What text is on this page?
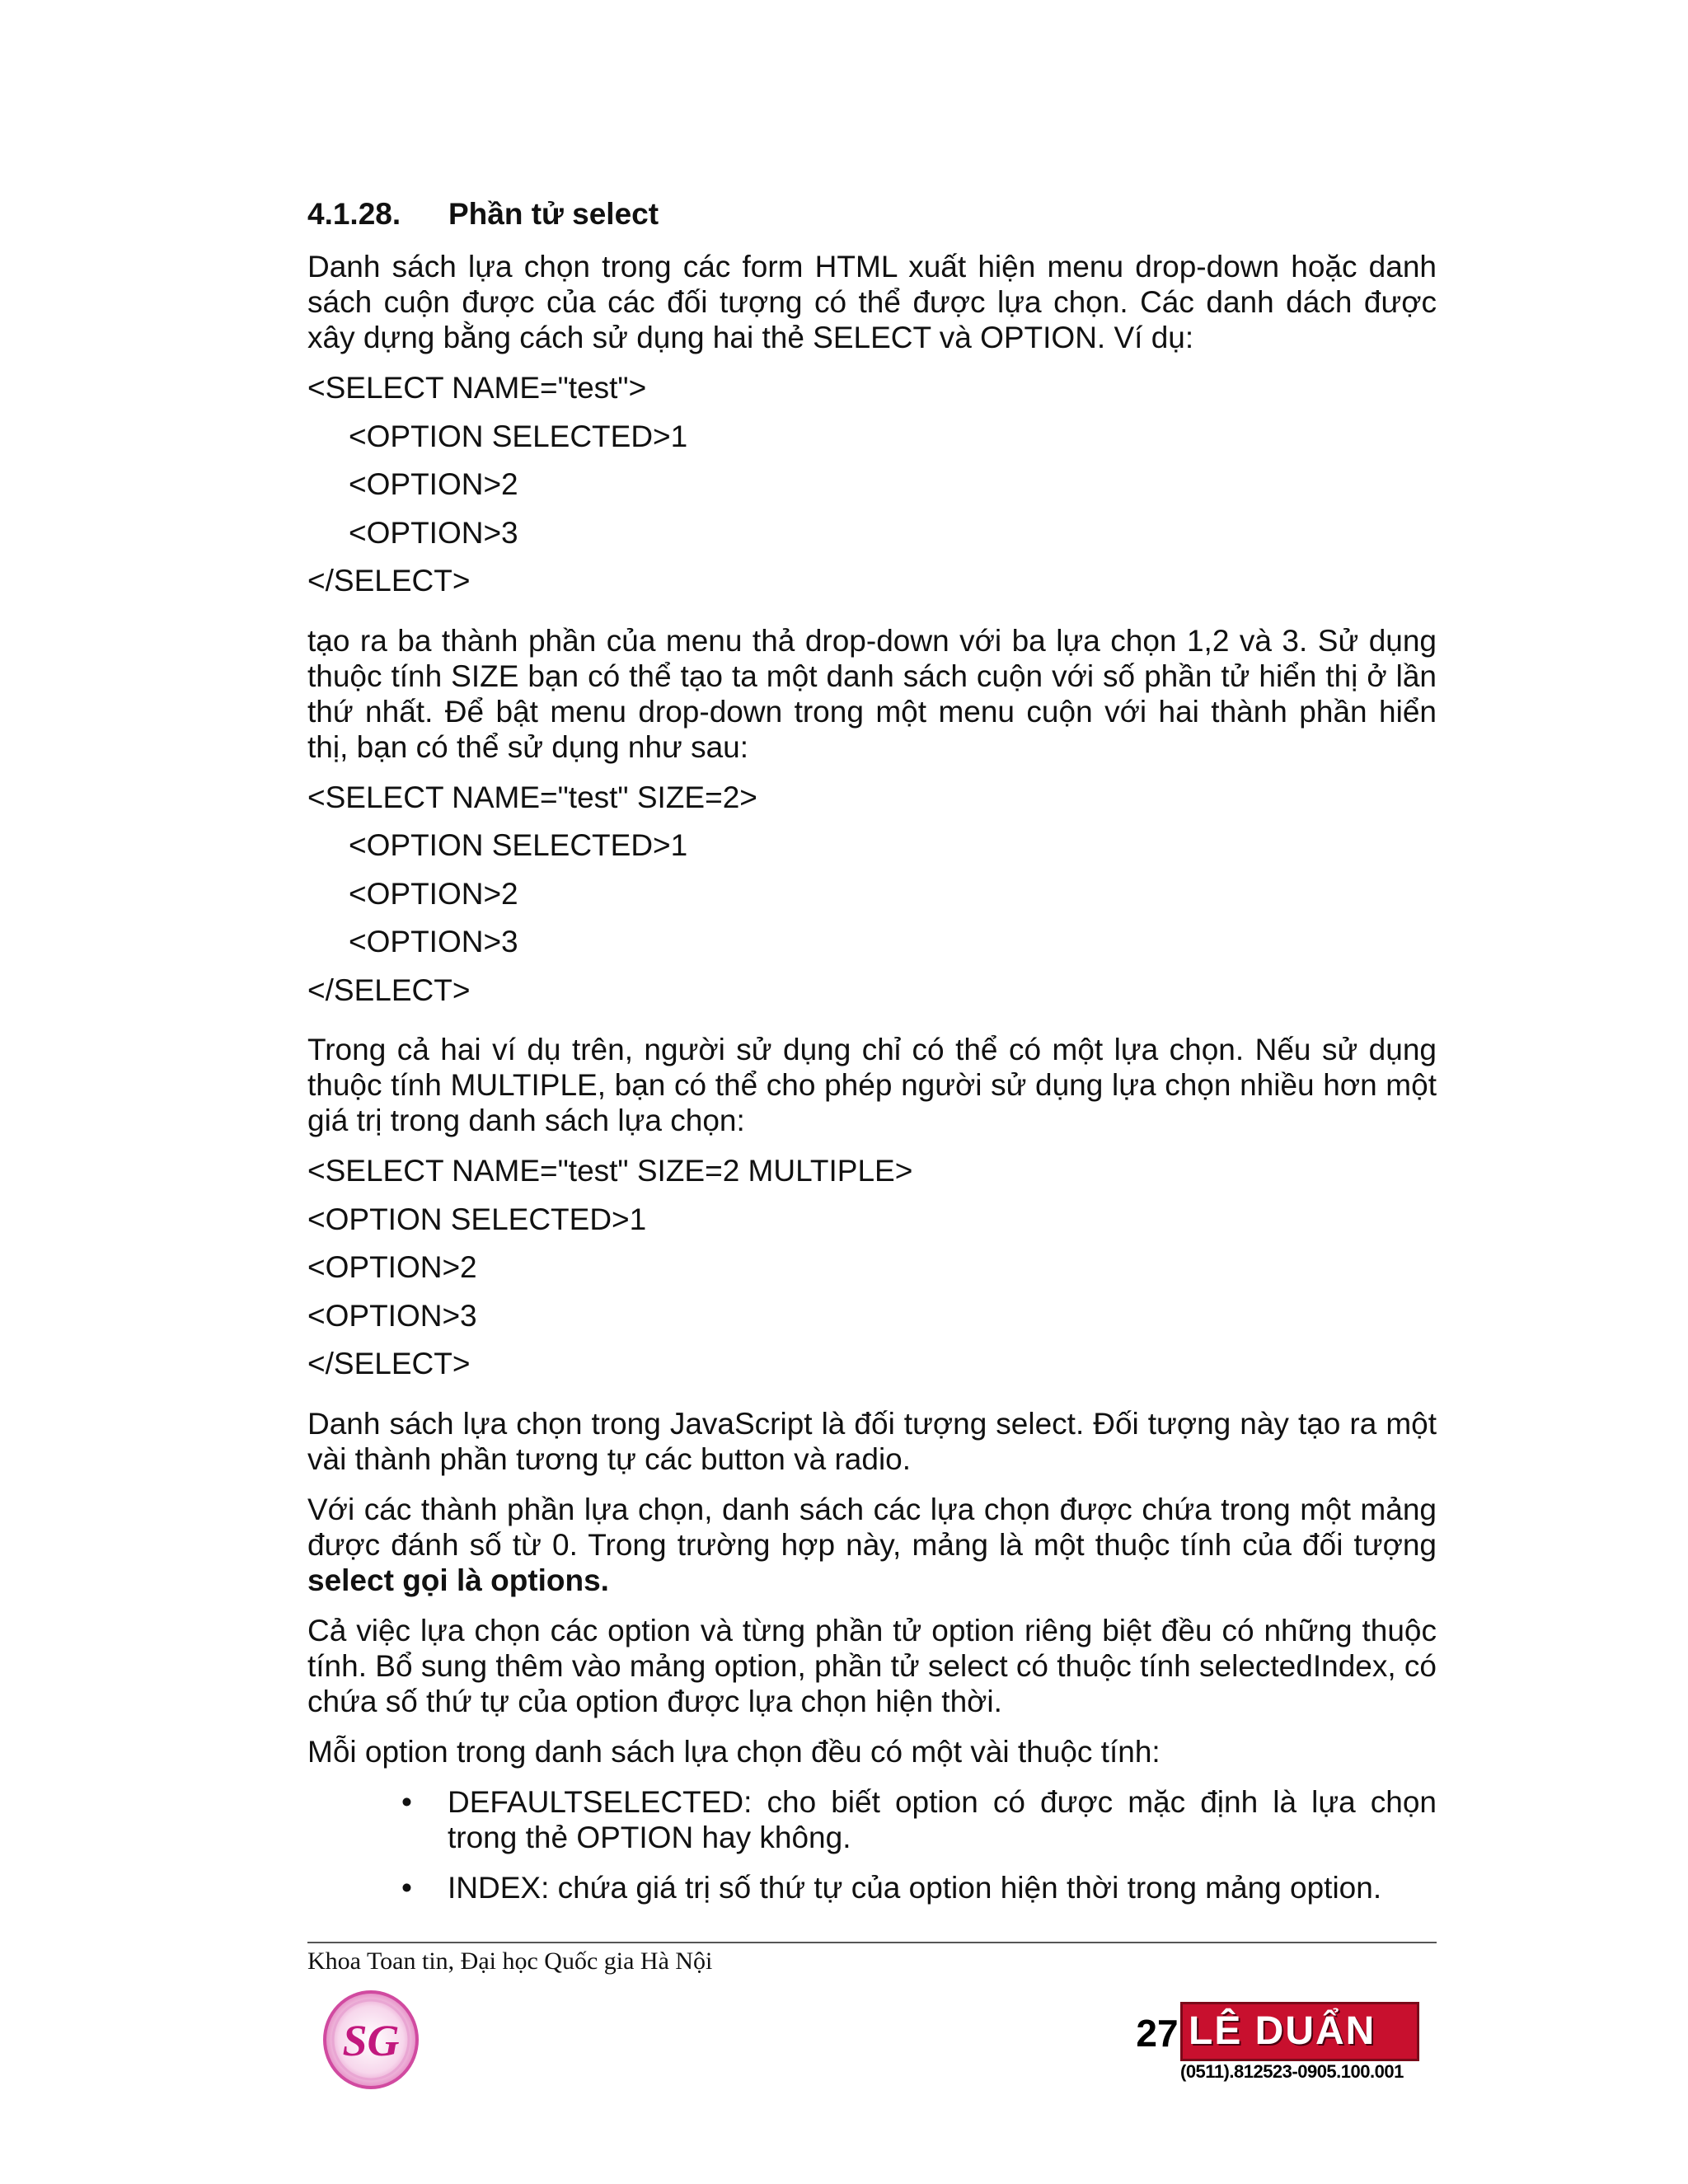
4.1.28.	Phần tử select

Danh sách lựa chọn trong các form HTML xuất hiện menu drop-down hoặc danh sách cuộn được của các đối tượng có thể được lựa chọn. Các danh dách được xây dựng bằng cách sử dụng hai thẻ SELECT và OPTION. Ví dụ:

<SELECT NAME="test">
<OPTION SELECTED>1
<OPTION>2
<OPTION>3
</SELECT>

tạo ra ba thành phần của menu thả drop-down với ba lựa chọn 1,2 và 3. Sử dụng thuộc tính SIZE bạn có thể tạo ta một danh sách cuộn với số phần tử hiển thị ở lần thứ nhất. Để bật menu drop-down trong một menu cuộn với hai thành phần hiển thị, bạn có thể sử dụng như sau:

<SELECT NAME="test" SIZE=2>
<OPTION SELECTED>1
<OPTION>2
<OPTION>3
</SELECT>

Trong cả hai ví dụ trên, người sử dụng chỉ có thể có một lựa chọn. Nếu sử dụng thuộc tính MULTIPLE, bạn có thể cho phép người sử dụng lựa chọn nhiều hơn một giá trị trong danh sách lựa chọn:

<SELECT NAME="test" SIZE=2 MULTIPLE>
<OPTION SELECTED>1
<OPTION>2
<OPTION>3
</SELECT>

Danh sách lựa chọn trong JavaScript là đối tượng select. Đối tượng này tạo ra một vài thành phần tương tự các button và radio.

Với các thành phần lựa chọn, danh sách các lựa chọn được chứa trong một mảng được đánh số từ 0. Trong trường hợp này, mảng là một thuộc tính của đối tượng select gọi là options.

Cả việc lựa chọn các option và từng phần tử option riêng biệt đều có những thuộc tính. Bổ sung thêm vào mảng option, phần tử select có thuộc tính selectedIndex, có chứa số thứ tự của option được lựa chọn hiện thời.

Mỗi option trong danh sách lựa chọn đều có một vài thuộc tính:

• DEFAULTSELECTED: cho biết option có được mặc định là lựa chọn trong thẻ OPTION hay không.
• INDEX: chứa giá trị số thứ tự của option hiện thời trong mảng option.
Khoa Toan tin, Đại học Quốc gia Hà Nội
SG	27 LÊ DUẨN
(0511).812523-0905.100.001
